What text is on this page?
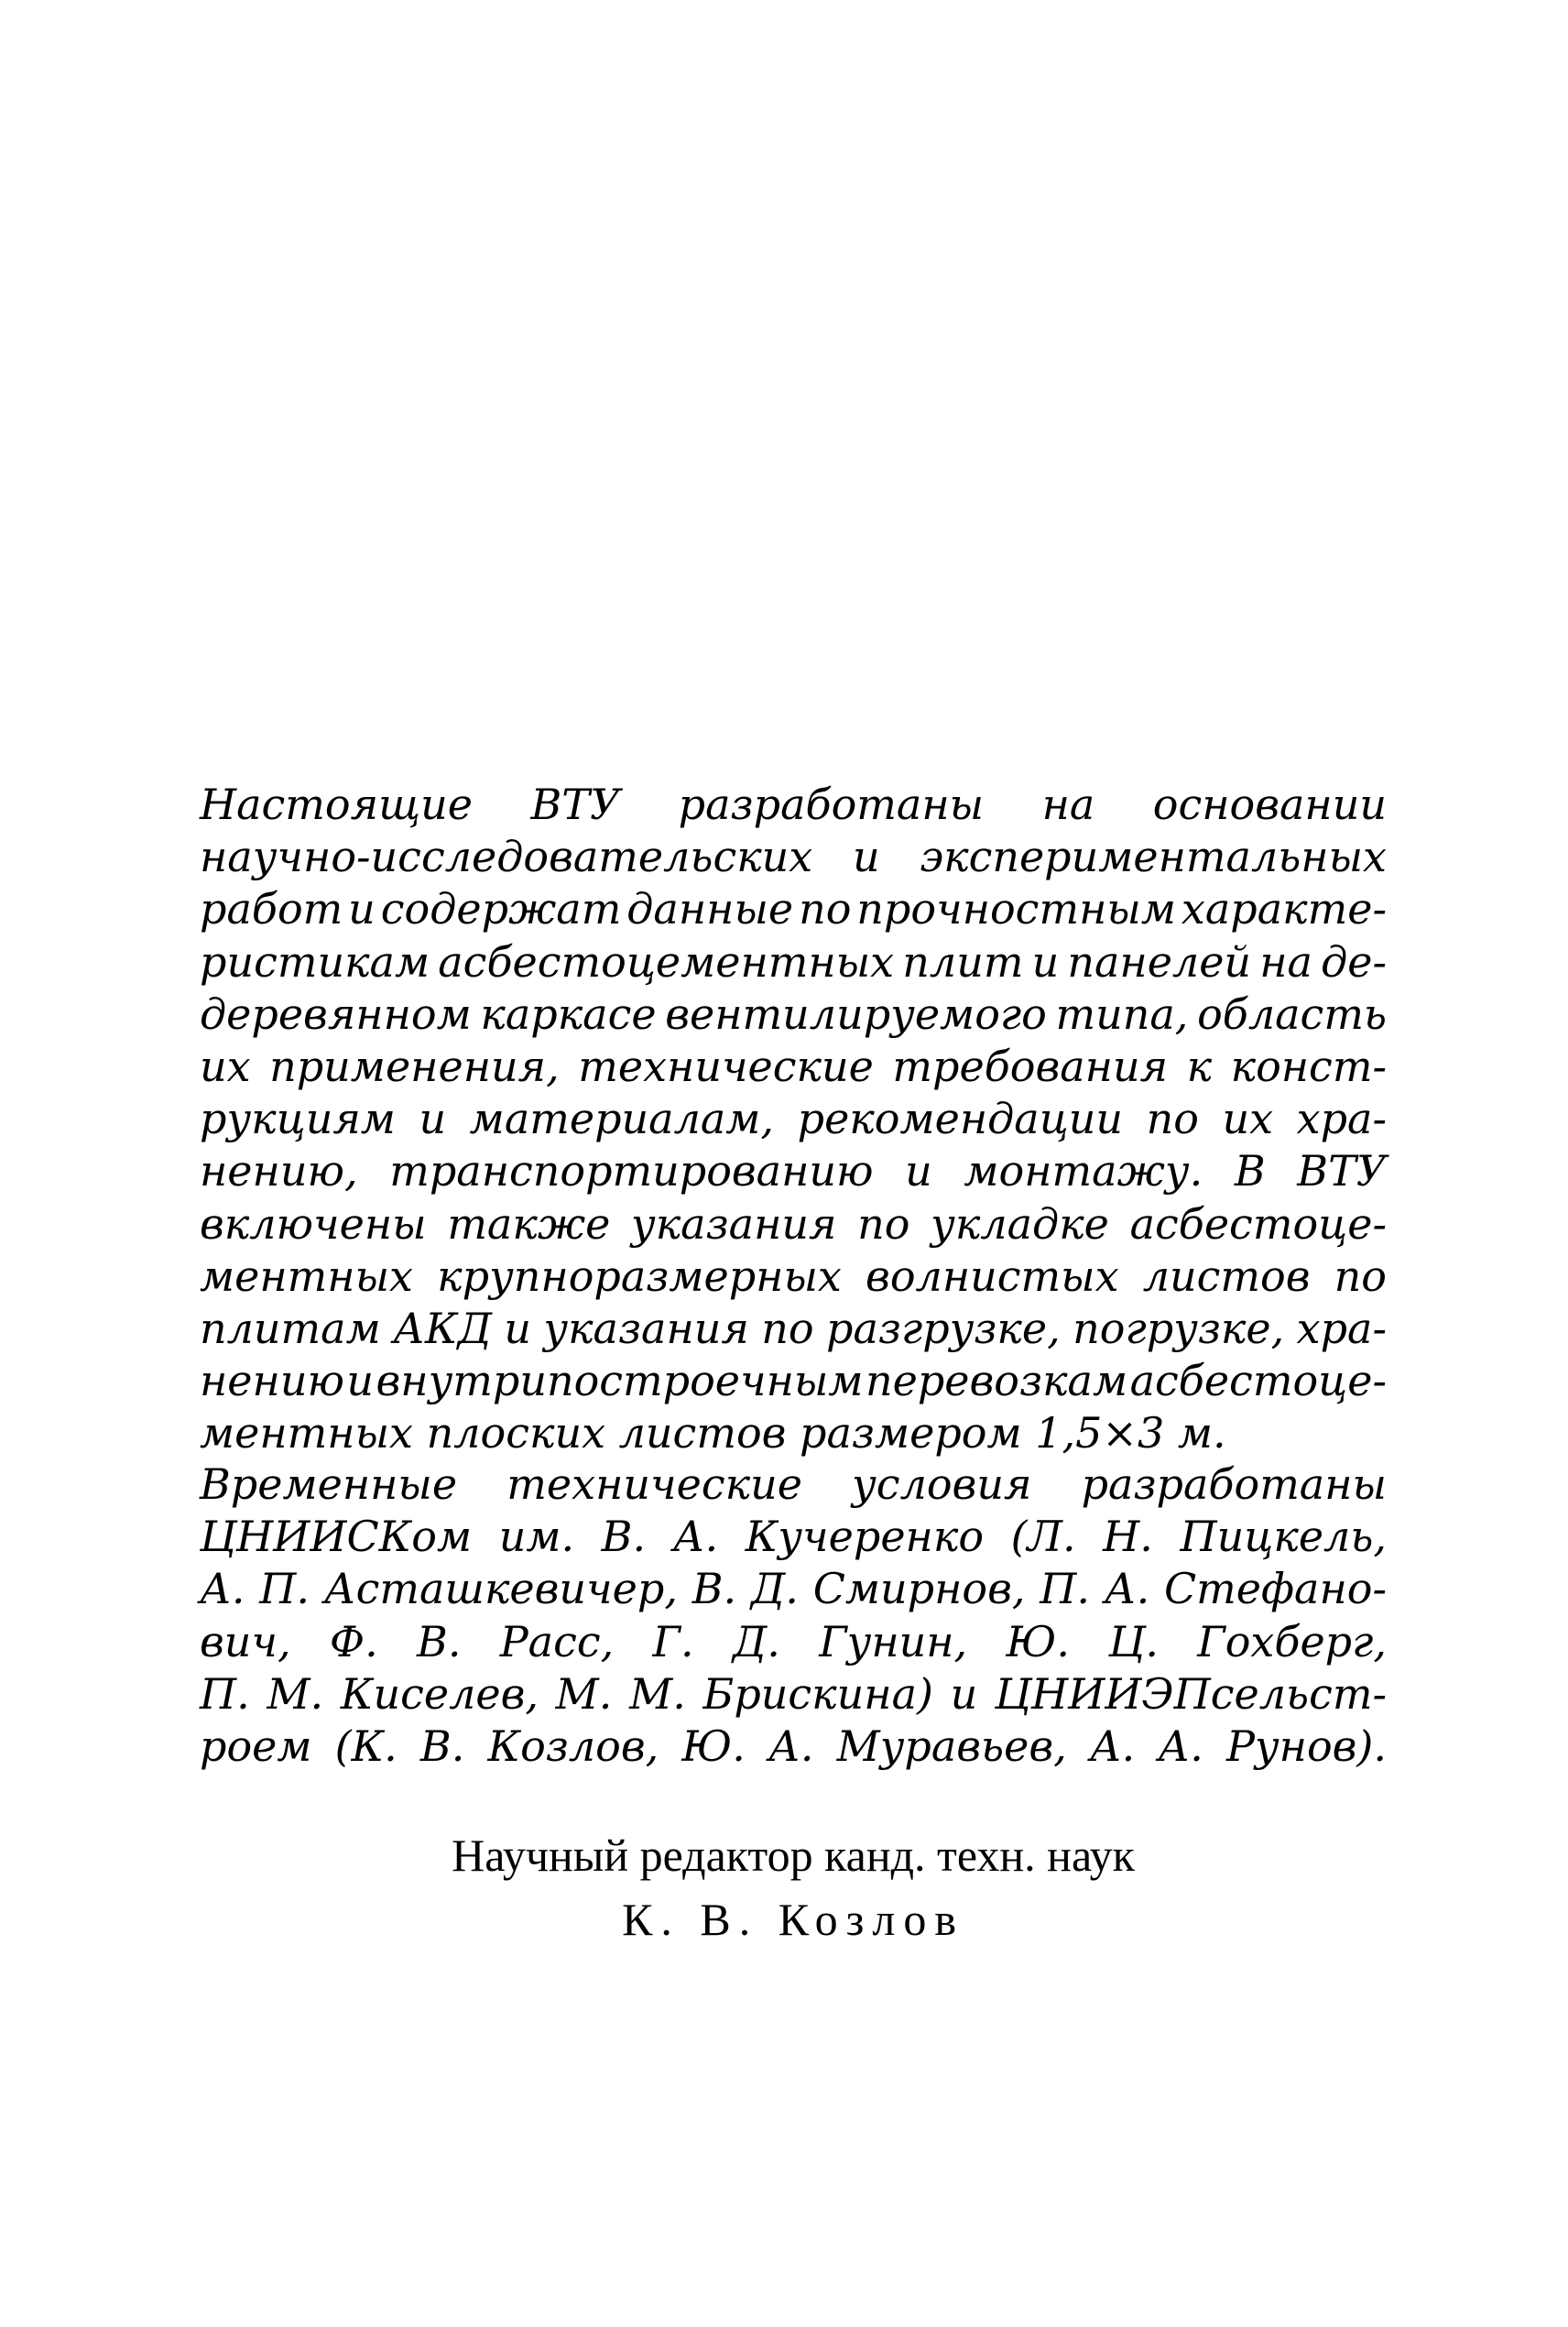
Настоящие ВТУ разработаны на основании
научно-исследовательских и экспериментальных
работ и содержат данные по прочностным характе-
ристикам асбестоцементных плит и панелей на де-
деревянном каркасе вентилируемого типа, область
их применения, технические требования к конст-
рукциям и материалам, рекомендации по их хра-
нению, транспортированию и монтажу. В ВТУ
включены также указания по укладке асбестоце-
ментных крупноразмерных волнистых листов по
плитам АКД и указания по разгрузке, погрузке, хра-
нению и внутрипостроечным перевозкам асбестоце-
ментных плоских листов размером 1,5×3 м.
Временные технические условия разработаны
ЦНИИСКом им. В. А. Кучеренко (Л. Н. Пицкель,
А. П. Асташкевичер, В. Д. Смирнов, П. А. Стефано-
вич, Ф. В. Расс, Г. Д. Гунин, Ю. Ц. Гохберг,
П. М. Киселев, М. М. Брискина) и ЦНИИЭПсельст-
роем (К. В. Козлов, Ю. А. Муравьев, А. А. Рунов).
Научный редактор канд. техн. наук
К. В. Козлов
